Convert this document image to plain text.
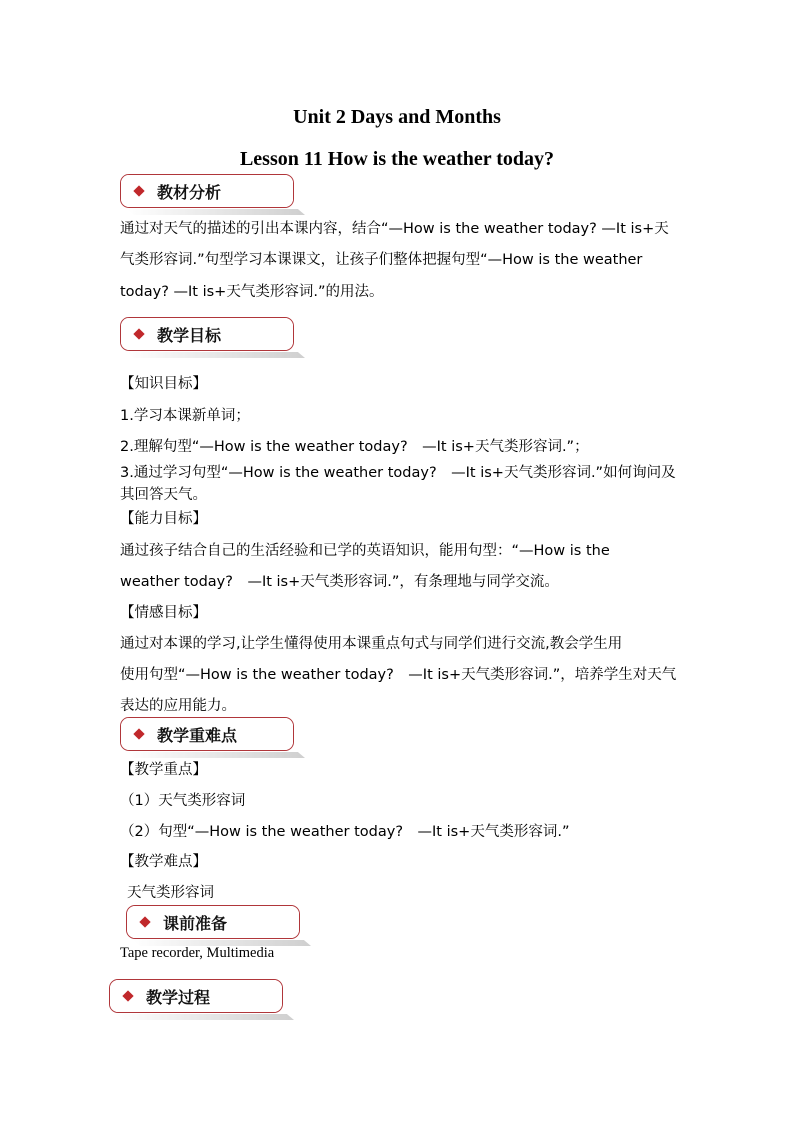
Unit 2 Days and Months
Lesson 11 How is the weather today?
教材分析
通过对天气的描述的引出本课内容，结合“—How is the weather today? —It is+天
气类形容词.”句型学习本课课文，让孩子们整体把握句型“—How is the weather
today? —It is+天气类形容词.”的用法。
教学目标
【知识目标】
1.学习本课新单词；
2.理解句型“—How is the weather today?　—It is+天气类形容词.”；
3.通过学习句型“—How is the weather today?　—It is+天气类形容词.”如何询问及
其回答天气。
【能力目标】
通过孩子结合自己的生活经验和已学的英语知识，能用句型：“—How is the
weather today?　—It is+天气类形容词.”，有条理地与同学交流。
【情感目标】
通过对本课的学习,让学生懂得使用本课重点句式与同学们进行交流,教会学生用
使用句型“—How is the weather today?　—It is+天气类形容词.”，培养学生对天气
表达的应用能力。
教学重难点
【教学重点】
（1）天气类形容词
（2）句型“—How is the weather today?　—It is+天气类形容词.”
【教学难点】
天气类形容词
课前准备
Tape recorder, Multimedia
教学过程
